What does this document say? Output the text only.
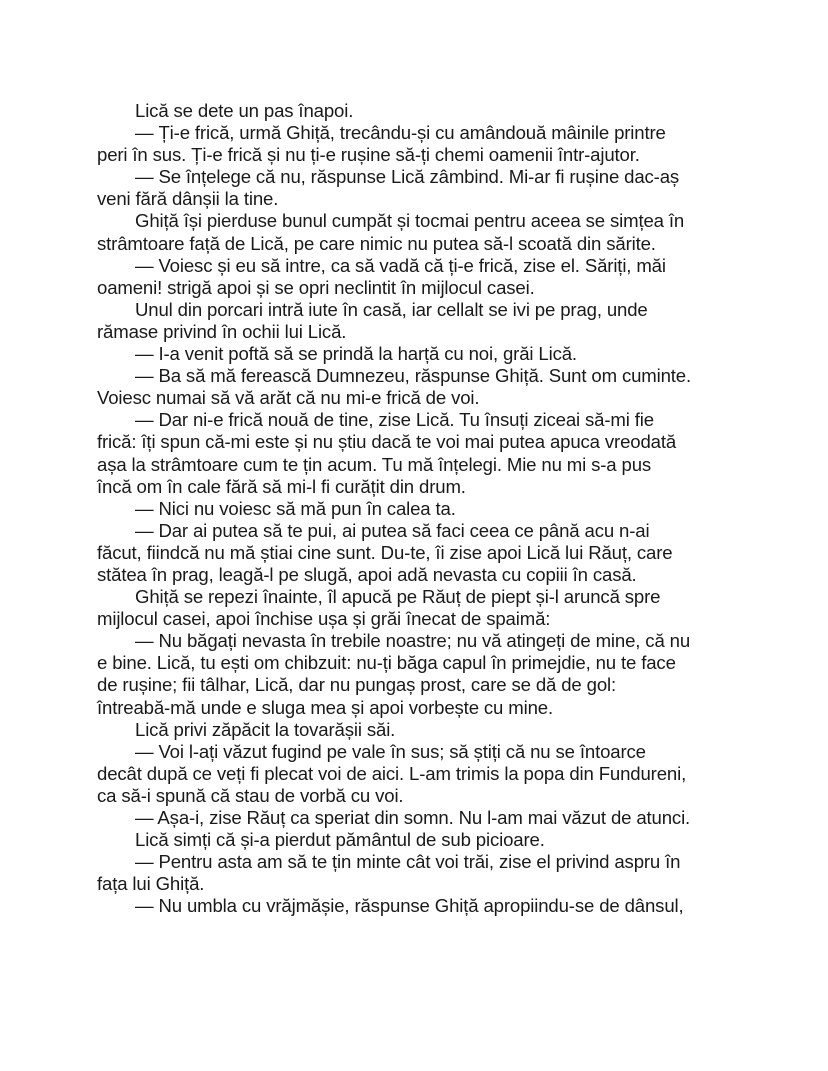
Lică se dete un pas înapoi.
— Ți-e frică, urmă Ghiță, trecându-și cu amândouă mâinile printre
peri în sus. Ți-e frică și nu ți-e rușine să-ți chemi oamenii într-ajutor.
— Se înțelege că nu, răspunse Lică zâmbind. Mi-ar fi rușine dac-aș
veni fără dânșii la tine.
Ghiță își pierduse bunul cumpăt și tocmai pentru aceea se simțea în
strâmtoare față de Lică, pe care nimic nu putea să-l scoată din sărite.
— Voiesc și eu să intre, ca să vadă că ți-e frică, zise el. Săriți, măi
oameni! strigă apoi și se opri neclintit în mijlocul casei.
Unul din porcari intră iute în casă, iar cellalt se ivi pe prag, unde
rămase privind în ochii lui Lică.
— I-a venit poftă să se prindă la harță cu noi, grăi Lică.
— Ba să mă ferească Dumnezeu, răspunse Ghiță. Sunt om cuminte.
Voiesc numai să vă arăt că nu mi-e frică de voi.
— Dar ni-e frică nouă de tine, zise Lică. Tu însuți ziceai să-mi fie
frică: îți spun că-mi este și nu știu dacă te voi mai putea apuca vreodată
așa la strâmtoare cum te țin acum. Tu mă înțelegi. Mie nu mi s-a pus
încă om în cale fără să mi-l fi curățit din drum.
— Nici nu voiesc să mă pun în calea ta.
— Dar ai putea să te pui, ai putea să faci ceea ce până acu n-ai
făcut, fiindcă nu mă știai cine sunt. Du-te, îi zise apoi Lică lui Răuț, care
stătea în prag, leagă-l pe slugă, apoi adă nevasta cu copiii în casă.
Ghiță se repezi înainte, îl apucă pe Răuț de piept și-l aruncă spre
mijlocul casei, apoi închise ușa și grăi înecat de spaimă:
— Nu băgați nevasta în trebile noastre; nu vă atingeți de mine, că nu
e bine. Lică, tu ești om chibzuit: nu-ți băga capul în primejdie, nu te face
de rușine; fii tâlhar, Lică, dar nu pungaș prost, care se dă de gol:
întreabă-mă unde e sluga mea și apoi vorbește cu mine.
Lică privi zăpăcit la tovarășii săi.
— Voi l-ați văzut fugind pe vale în sus; să știți că nu se întoarce
decât după ce veți fi plecat voi de aici. L-am trimis la popa din Fundureni,
ca să-i spună că stau de vorbă cu voi.
— Așa-i, zise Răuț ca speriat din somn. Nu l-am mai văzut de atunci.
Lică simți că și-a pierdut pământul de sub picioare.
— Pentru asta am să te țin minte cât voi trăi, zise el privind aspru în
fața lui Ghiță.
— Nu umbla cu vrăjmășie, răspunse Ghiță apropiindu-se de dânsul,
